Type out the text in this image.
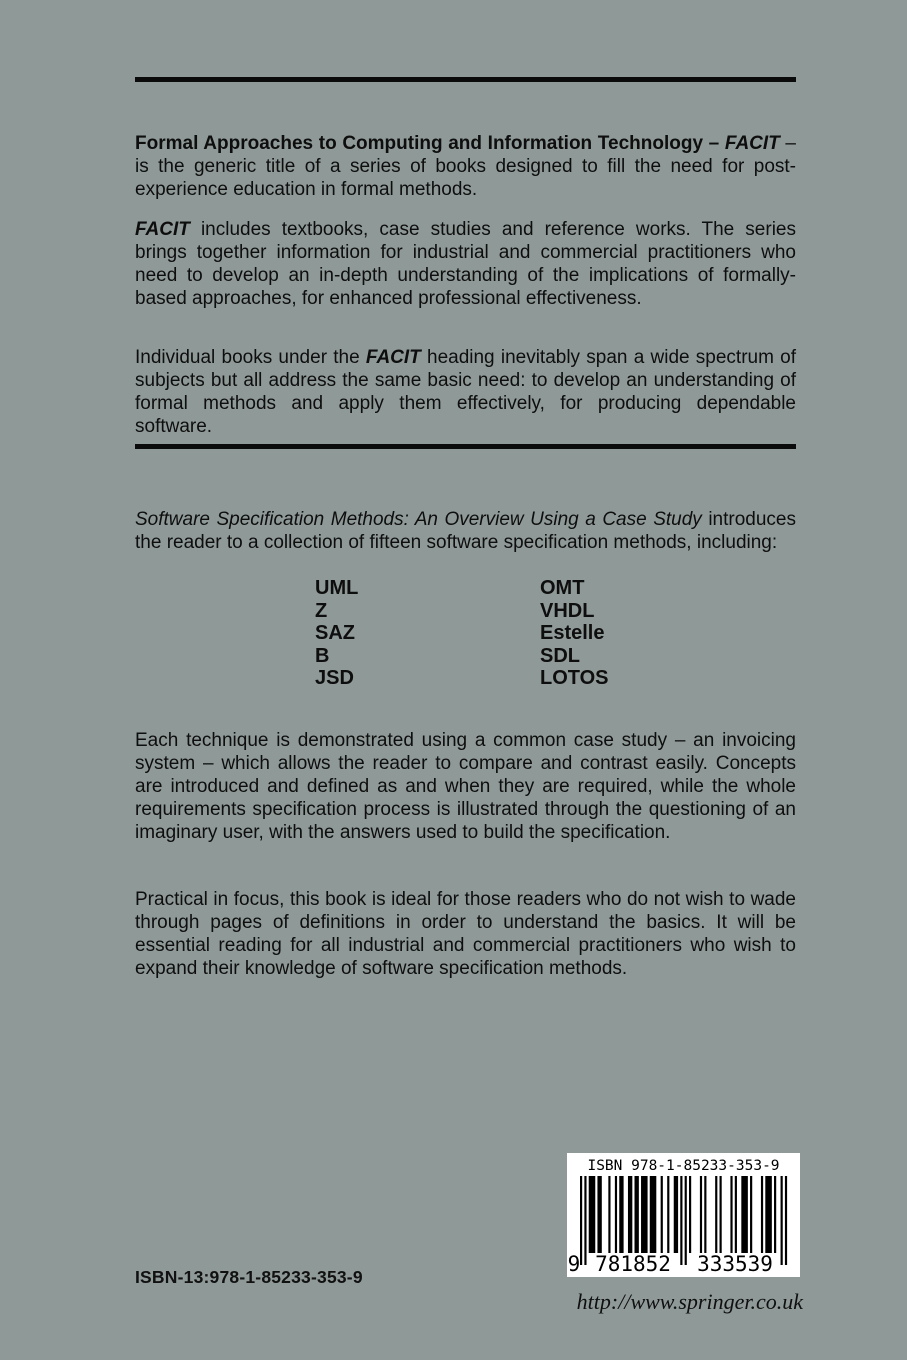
Formal Approaches to Computing and Information Technology – FACIT – is the generic title of a series of books designed to fill the need for post-experience education in formal methods.

FACIT includes textbooks, case studies and reference works. The series brings together information for industrial and commercial practitioners who need to develop an in-depth understanding of the implications of formally-based approaches, for enhanced professional effectiveness.

Individual books under the FACIT heading inevitably span a wide spectrum of subjects but all address the same basic need: to develop an understanding of formal methods and apply them effectively, for producing dependable software.

Software Specification Methods: An Overview Using a Case Study introduces the reader to a collection of fifteen software specification methods, including:

UML
Z
SAZ
B
JSD
OMT
VHDL
Estelle
SDL
LOTOS

Each technique is demonstrated using a common case study – an invoicing system – which allows the reader to compare and contrast easily. Concepts are introduced and defined as and when they are required, while the whole requirements specification process is illustrated through the questioning of an imaginary user, with the answers used to build the specification.

Practical in focus, this book is ideal for those readers who do not wish to wade through pages of definitions in order to understand the basics. It will be essential reading for all industrial and commercial practitioners who wish to expand their knowledge of software specification methods.

ISBN 978-1-85233-353-9
9 781852 333539
ISBN-13:978-1-85233-353-9
http://www.springer.co.uk
